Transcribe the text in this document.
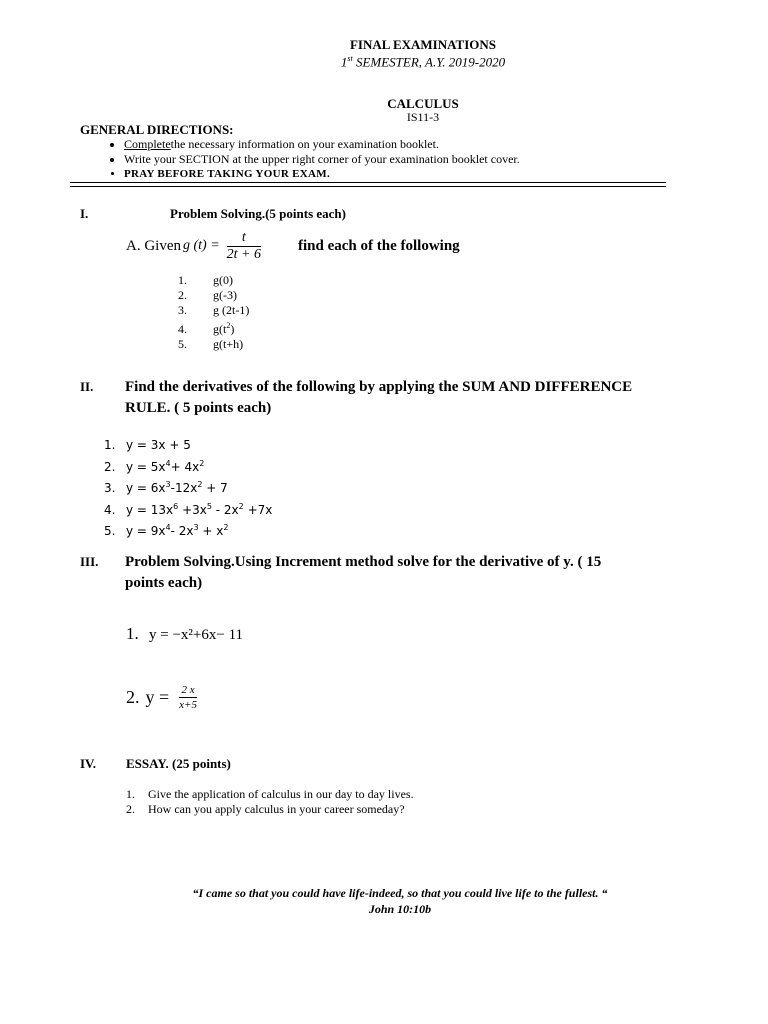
FINAL EXAMINATIONS
1st SEMESTER, A.Y. 2019-2020
CALCULUS
IS11-3
GENERAL DIRECTIONS:
• Completethe necessary information on your examination booklet.
• Write your SECTION at the upper right corner of your examination booklet cover.
• PRAY BEFORE TAKING YOUR EXAM.
I.	Problem Solving.(5 points each)
A. Given g $(t) = \frac{t}{2t + 6}$ find each of the following
1. g(0)
2. g(-3)
3. g (2t-1)
4. $g(t^2)$
5. g(t+h)
II. Find the derivatives of the following by applying the SUM AND DIFFERENCE
RULE. ( 5 points each)
1. y = 3x + 5
2. $y = 5x^4+ 4x^2$
3. $y = 6x^3-12x^2 + 7$
4. $y = 13x^6 +3x^5 - 2x^2 +7x$
5. $y = 9x^4-$ $2x^3 + x^2$
III. Problem Solving.Using Increment method solve for the derivative of y. ( 15
points each)
1. y = −x²+6x− 11
2. $y = \frac{2 x}{x+5}$
IV. ESSAY. (25 points)
1. Give the application of calculus in our day to day lives.
2. How can you apply calculus in your career someday?
“I came so that you could have life-indeed, so that you could live life to the fullest. “
John 10:10b
